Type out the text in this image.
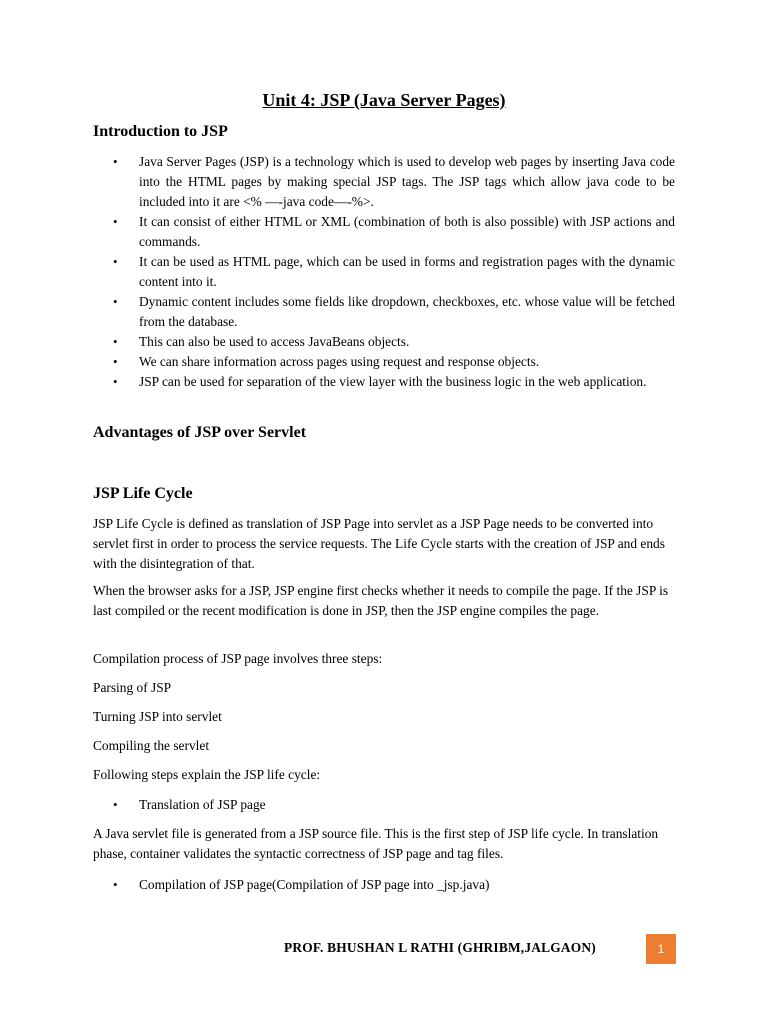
Unit 4: JSP (Java Server Pages)
Introduction to JSP
• Java Server Pages (JSP) is a technology which is used to develop web pages by inserting Java code into the HTML pages by making special JSP tags. The JSP tags which allow java code to be included into it are <% —-java code—-%>.
• It can consist of either HTML or XML (combination of both is also possible) with JSP actions and commands.
• It can be used as HTML page, which can be used in forms and registration pages with the dynamic content into it.
• Dynamic content includes some fields like dropdown, checkboxes, etc. whose value will be fetched from the database.
• This can also be used to access JavaBeans objects.
• We can share information across pages using request and response objects.
• JSP can be used for separation of the view layer with the business logic in the web application.
Advantages of JSP over Servlet
JSP Life Cycle

JSP Life Cycle is defined as translation of JSP Page into servlet as a JSP Page needs to be converted into servlet first in order to process the service requests. The Life Cycle starts with the creation of JSP and ends with the disintegration of that.

When the browser asks for a JSP, JSP engine first checks whether it needs to compile the page. If the JSP is last compiled or the recent modification is done in JSP, then the JSP engine compiles the page.

Compilation process of JSP page involves three steps:

Parsing of JSP

Turning JSP into servlet

Compiling the servlet

Following steps explain the JSP life cycle:

• Translation of JSP page

A Java servlet file is generated from a JSP source file. This is the first step of JSP life cycle. In translation phase, container validates the syntactic correctness of JSP page and tag files.

• Compilation of JSP page(Compilation of JSP page into _jsp.java)
PROF. BHUSHAN L RATHI (GHRIBM,JALGAON)	1
